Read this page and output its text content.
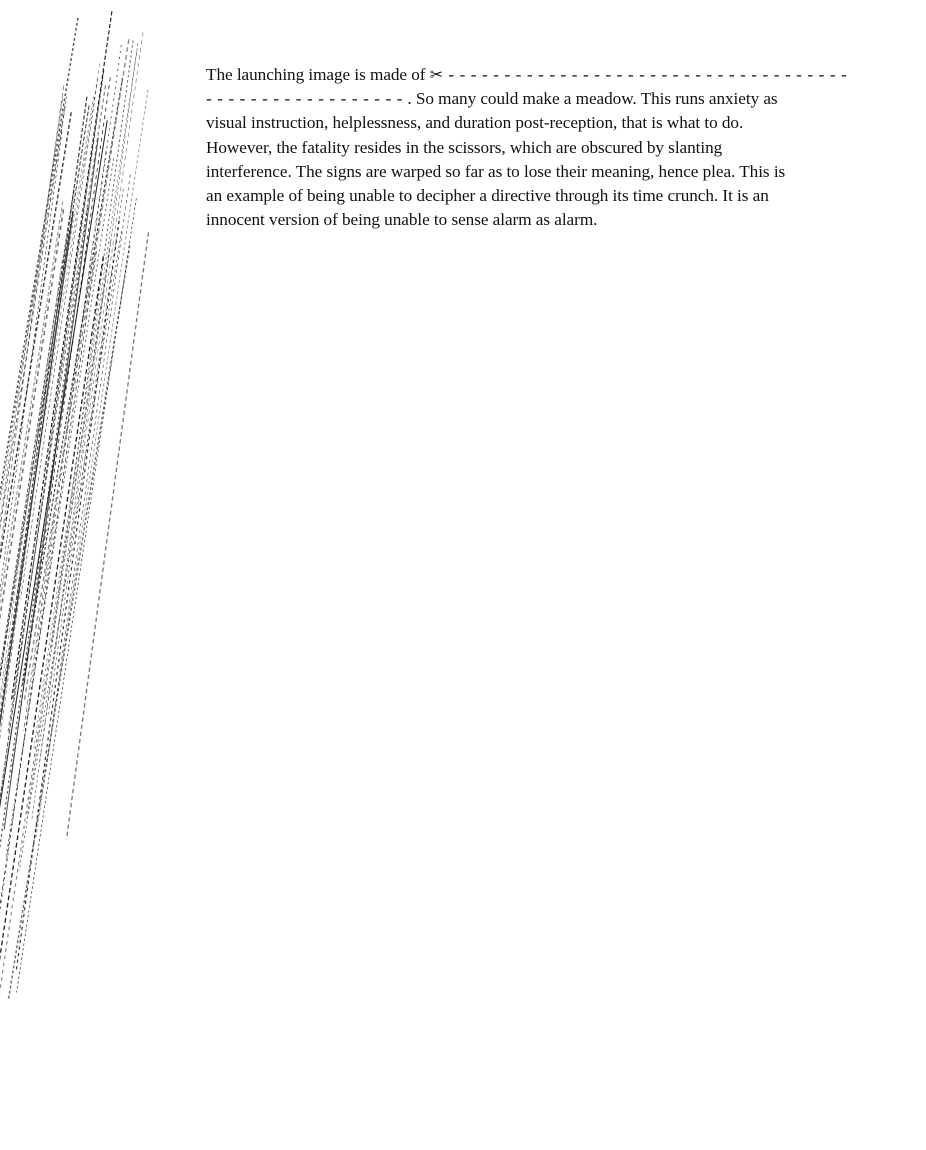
The launching image is made of ✂ - - - - - - - - - - - - - - - - - - - - - - - - - - - - - - - - - - - -
- - - - - - - - - - - - - - - - - - . So many could make a meadow. This runs anxiety as
visual instruction, helplessness, and duration post-reception, that is what to do.
However, the fatality resides in the scissors, which are obscured by slanting
interference. The signs are warped so far as to lose their meaning, hence plea. This is
an example of being unable to decipher a directive through its time crunch. It is an
innocent version of being unable to sense alarm as alarm.
